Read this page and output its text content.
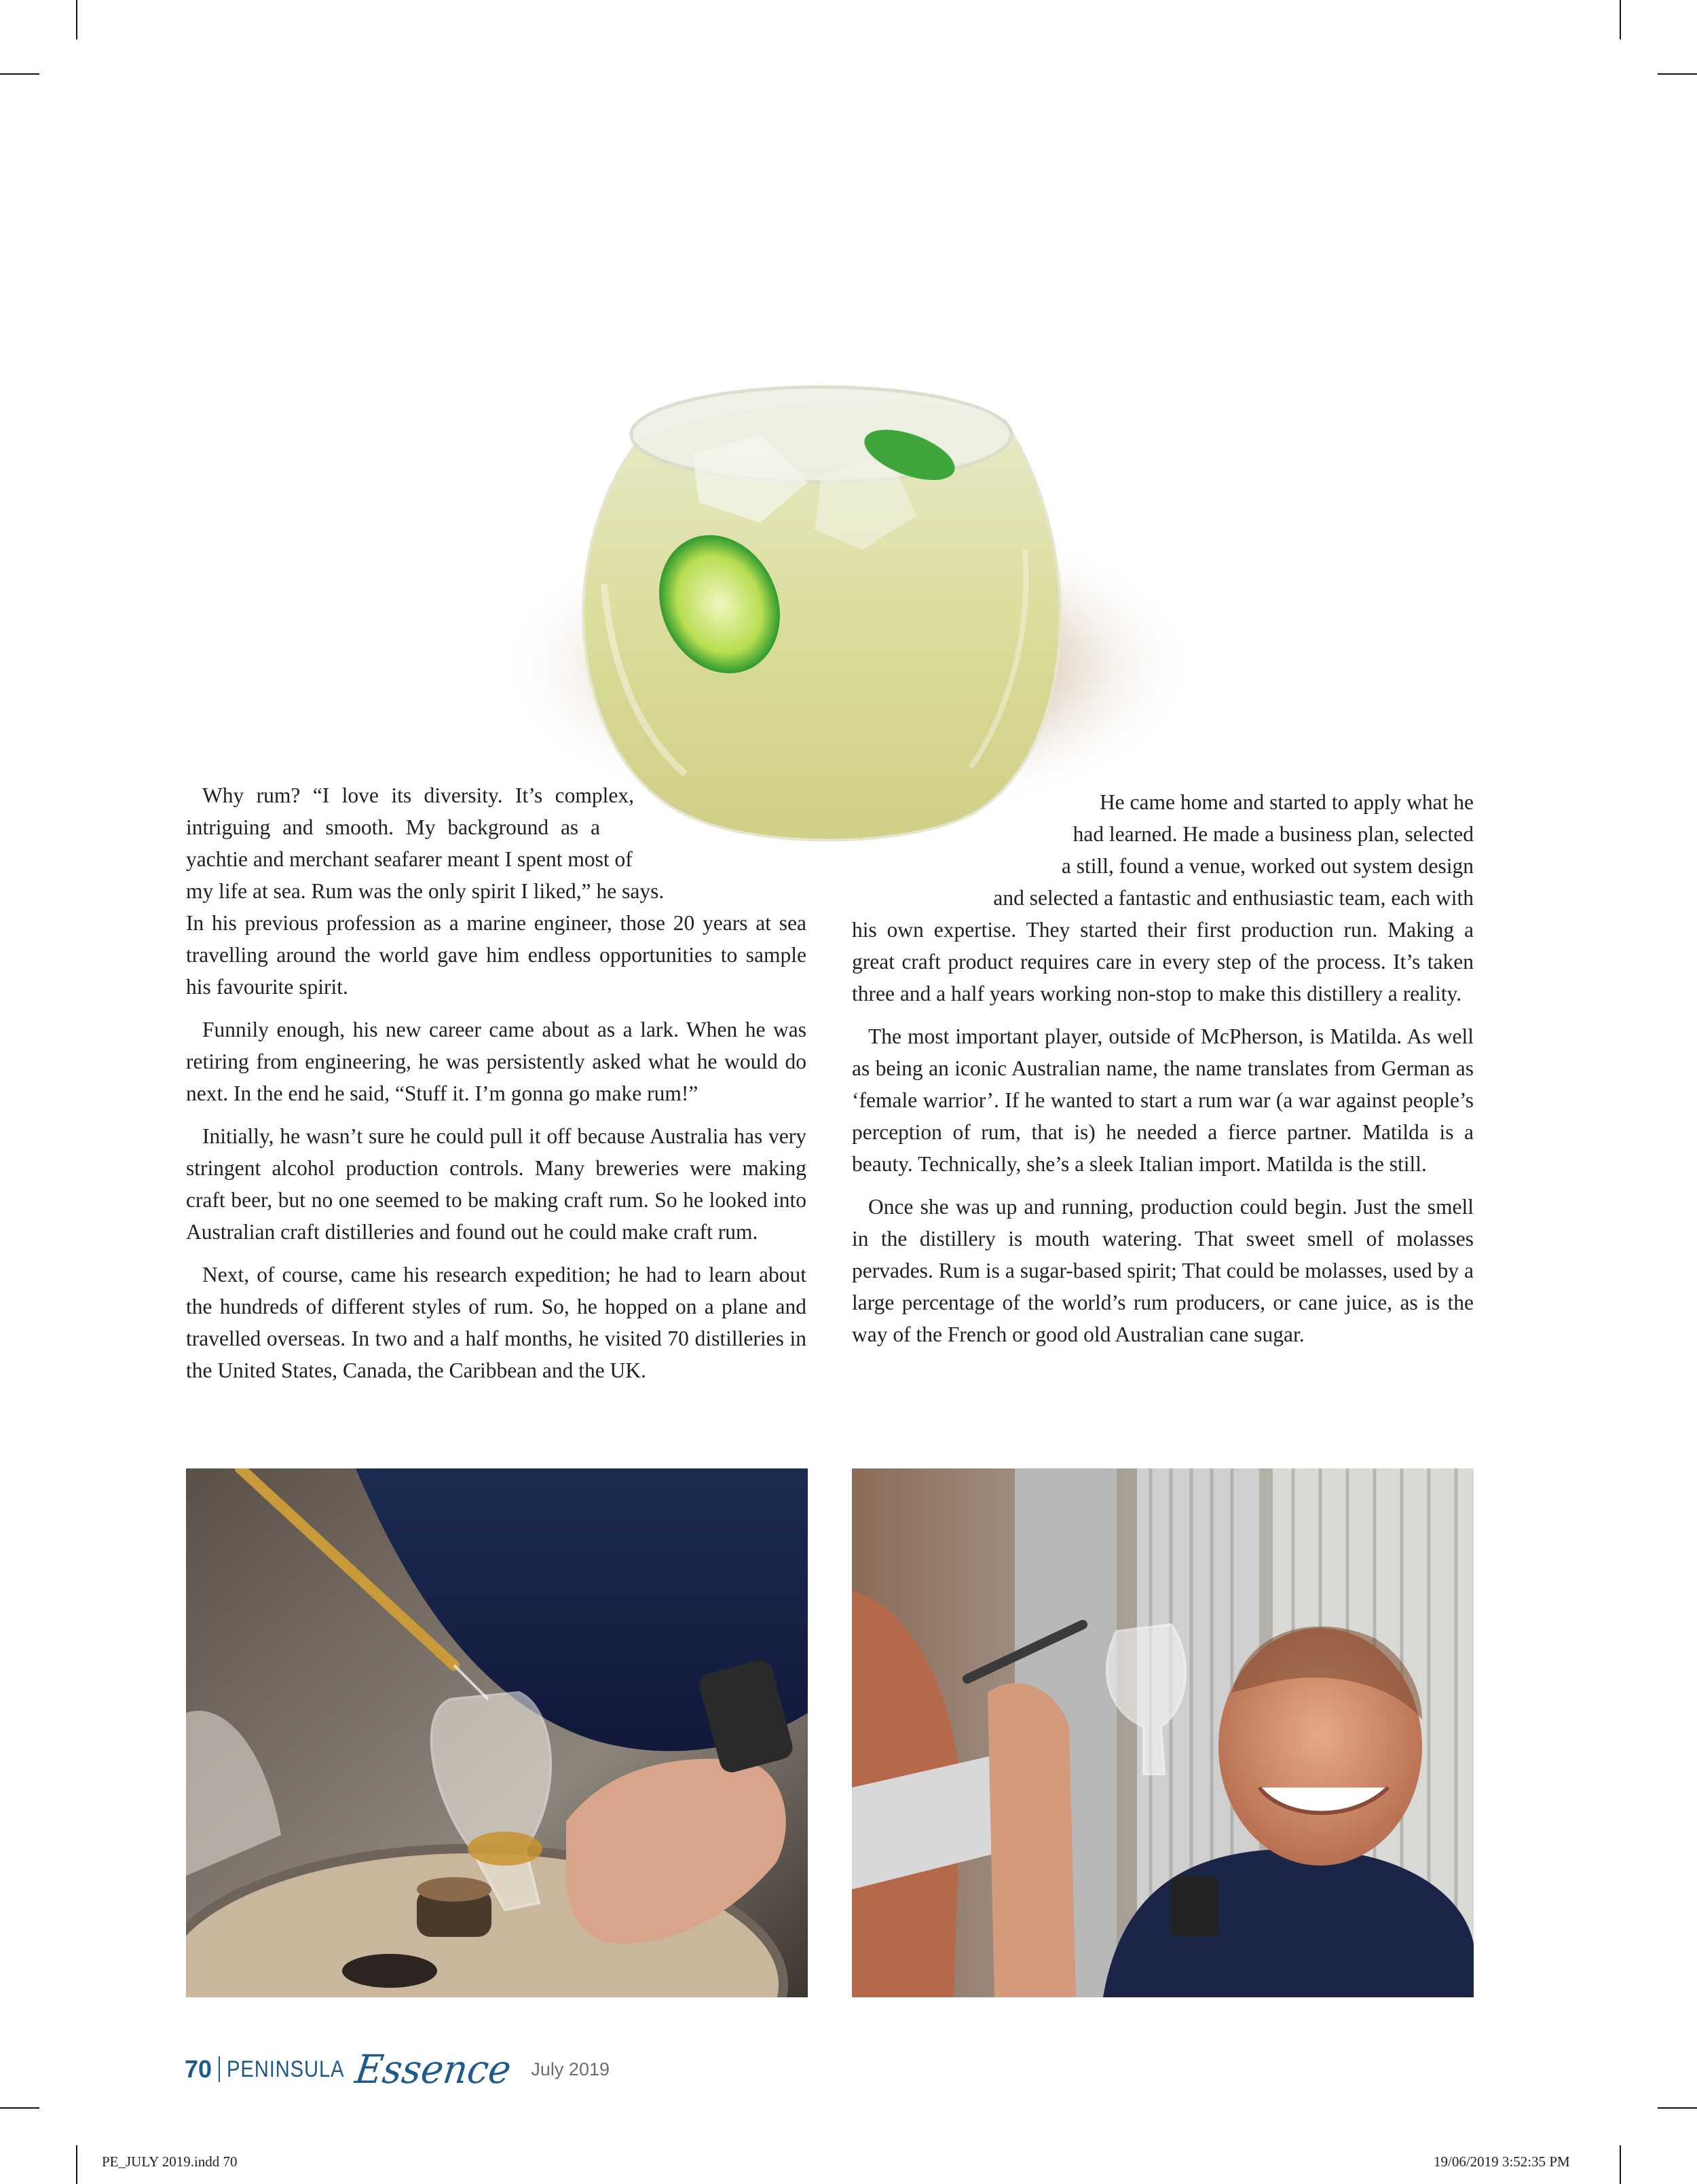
Why rum? “I love its diversity. It’s complex,
intriguing and smooth. My background as a
yachtie and merchant seafarer meant I spent most of
my life at sea. Rum was the only spirit I liked,” he says.

In his previous profession as a marine engineer, those 20 years at sea travelling around the world gave him endless opportunities to sample his favourite spirit.

Funnily enough, his new career came about as a lark. When he was retiring from engineering, he was persistently asked what he would do next. In the end he said, “Stuff it. I’m gonna go make rum!”

Initially, he wasn’t sure he could pull it off because Australia has very stringent alcohol production controls. Many breweries were making craft beer, but no one seemed to be making craft rum. So he looked into Australian craft distilleries and found out he could make craft rum.

Next, of course, came his research expedition; he had to learn about the hundreds of different styles of rum. So, he hopped on a plane and travelled overseas. In two and a half months, he visited 70 distilleries in the United States, Canada, the Caribbean and the UK.

He came home and started to apply what he
had learned. He made a business plan, selected
a still, found a venue, worked out system design
and selected a fantastic and enthusiastic team, each with

his own expertise. They started their first production run. Making a great craft product requires care in every step of the process. It’s taken three and a half years working non-stop to make this distillery a reality.

The most important player, outside of McPherson, is Matilda. As well as being an iconic Australian name, the name translates from German as ‘female warrior’. If he wanted to start a rum war (a war against people’s perception of rum, that is) he needed a fierce partner. Matilda is a beauty. Technically, she’s a sleek Italian import. Matilda is the still.

Once she was up and running, production could begin. Just the smell in the distillery is mouth watering. That sweet smell of molasses pervades. Rum is a sugar-based spirit; That could be molasses, used by a large percentage of the world’s rum producers, or cane juice, as is the way of the French or good old Australian cane sugar.

70 PENINSULA Essence July 2019
PE_JULY 2019.indd 70	19/06/2019 3:52:35 PM
